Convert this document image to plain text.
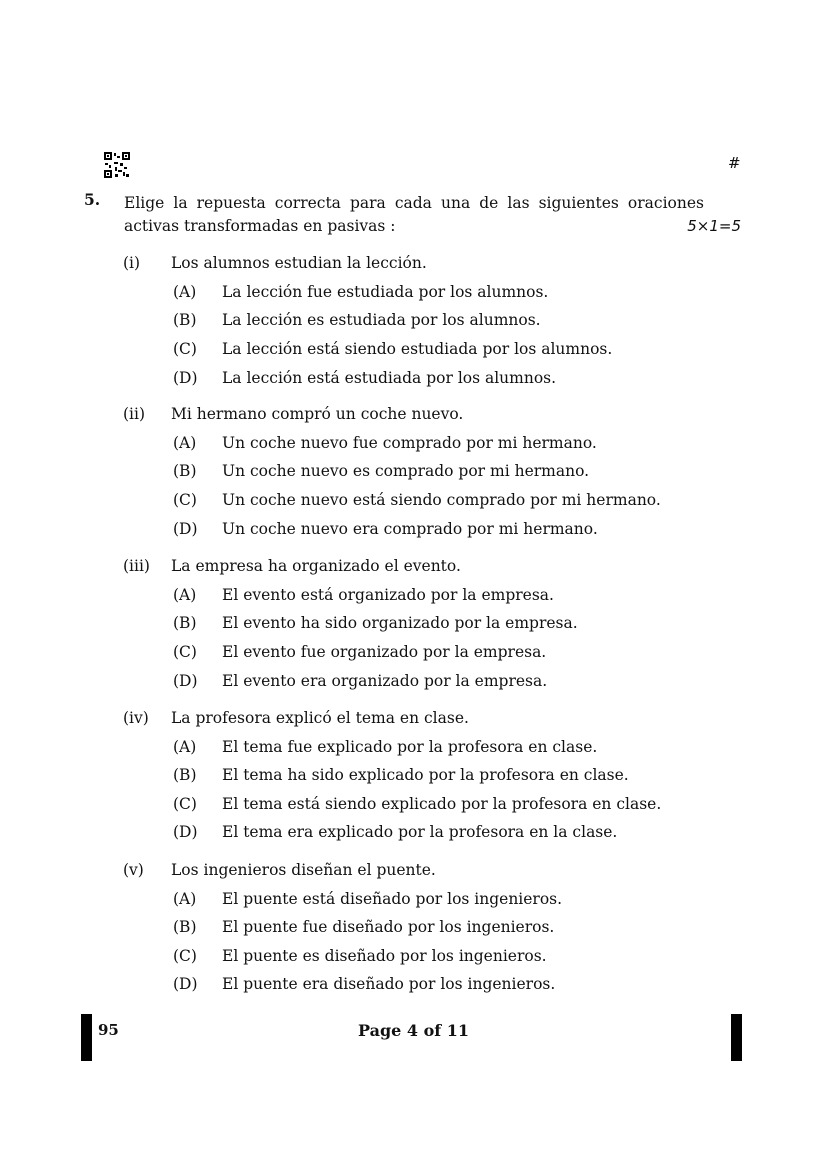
#
5. Elige la repuesta correcta para cada una de las siguientes oraciones
activas transformadas en pasivas :	5×1=5
(i) Los alumnos estudian la lección.
(A) La lección fue estudiada por los alumnos.
(B) La lección es estudiada por los alumnos.
(C) La lección está siendo estudiada por los alumnos.
(D) La lección está estudiada por los alumnos.
(ii) Mi hermano compró un coche nuevo.
(A) Un coche nuevo fue comprado por mi hermano.
(B) Un coche nuevo es comprado por mi hermano.
(C) Un coche nuevo está siendo comprado por mi hermano.
(D) Un coche nuevo era comprado por mi hermano.
(iii) La empresa ha organizado el evento.
(A) El evento está organizado por la empresa.
(B) El evento ha sido organizado por la empresa.
(C) El evento fue organizado por la empresa.
(D) El evento era organizado por la empresa.
(iv) La profesora explicó el tema en clase.
(A) El tema fue explicado por la profesora en clase.
(B) El tema ha sido explicado por la profesora en clase.
(C) El tema está siendo explicado por la profesora en clase.
(D) El tema era explicado por la profesora en la clase.
(v) Los ingenieros diseñan el puente.
(A) El puente está diseñado por los ingenieros.
(B) El puente fue diseñado por los ingenieros.
(C) El puente es diseñado por los ingenieros.
(D) El puente era diseñado por los ingenieros.
95	Page 4 of 11
